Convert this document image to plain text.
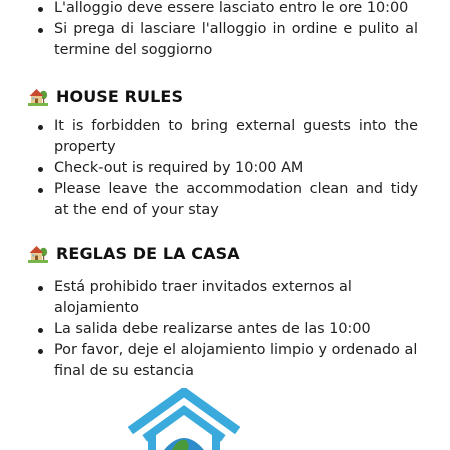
L'alloggio deve essere lasciato entro le ore 10:00
Si prega di lasciare l'alloggio in ordine e pulito al termine del soggiorno
HOUSE RULES
It is forbidden to bring external guests into the property
Check-out is required by 10:00 AM
Please leave the accommodation clean and tidy at the end of your stay
REGLAS DE LA CASA
Está prohibido traer invitados externos al alojamiento
La salida debe realizarse antes de las 10:00
Por favor, deje el alojamiento limpio y ordenado al final de su estancia
